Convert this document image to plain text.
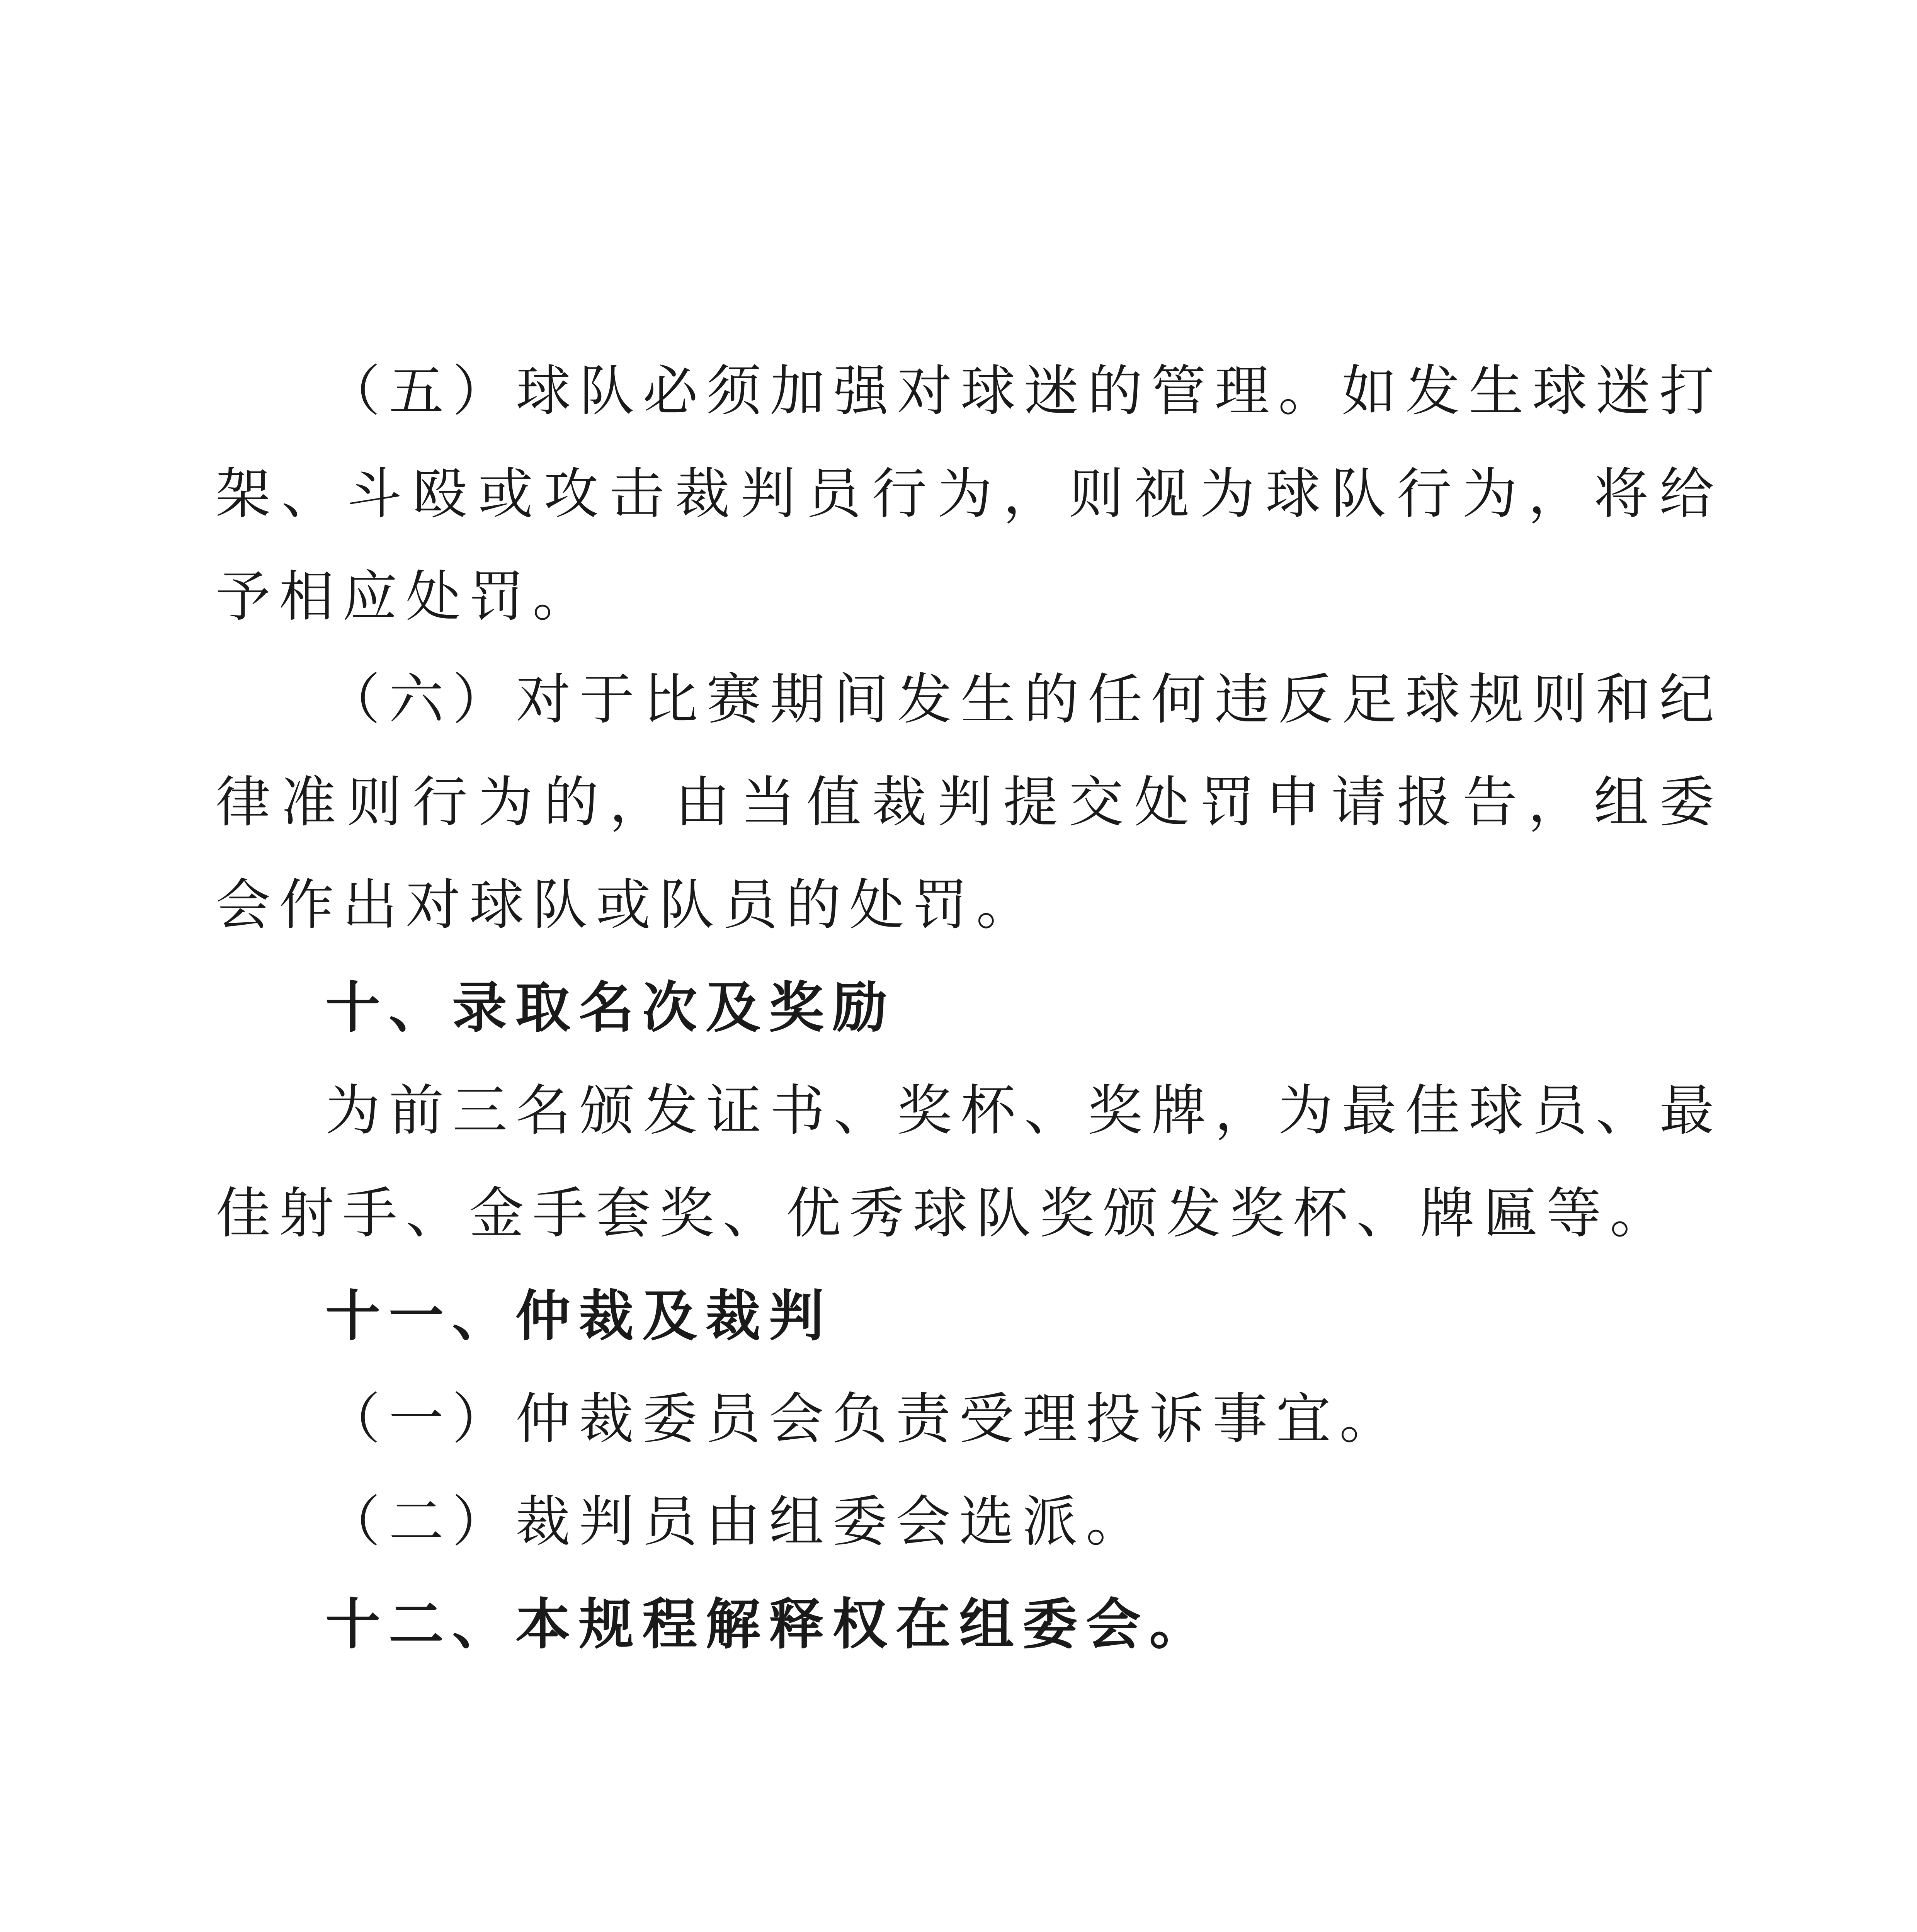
（五）球队必须加强对球迷的管理。如发生球迷打架、斗殴或攻击裁判员行为，则视为球队行为，将给予相应处罚。

（六）对于比赛期间发生的任何违反足球规则和纪律准则行为的，由当值裁判提交处罚申请报告，组委会作出对球队或队员的处罚。

十、录取名次及奖励

为前三名颁发证书、奖杯、奖牌，为最佳球员、最佳射手、金手套奖、优秀球队奖颁发奖杯、牌匾等。

十一、仲裁及裁判

（一）仲裁委员会负责受理投诉事宜。

（二）裁判员由组委会选派。

十二、本规程解释权在组委会。
